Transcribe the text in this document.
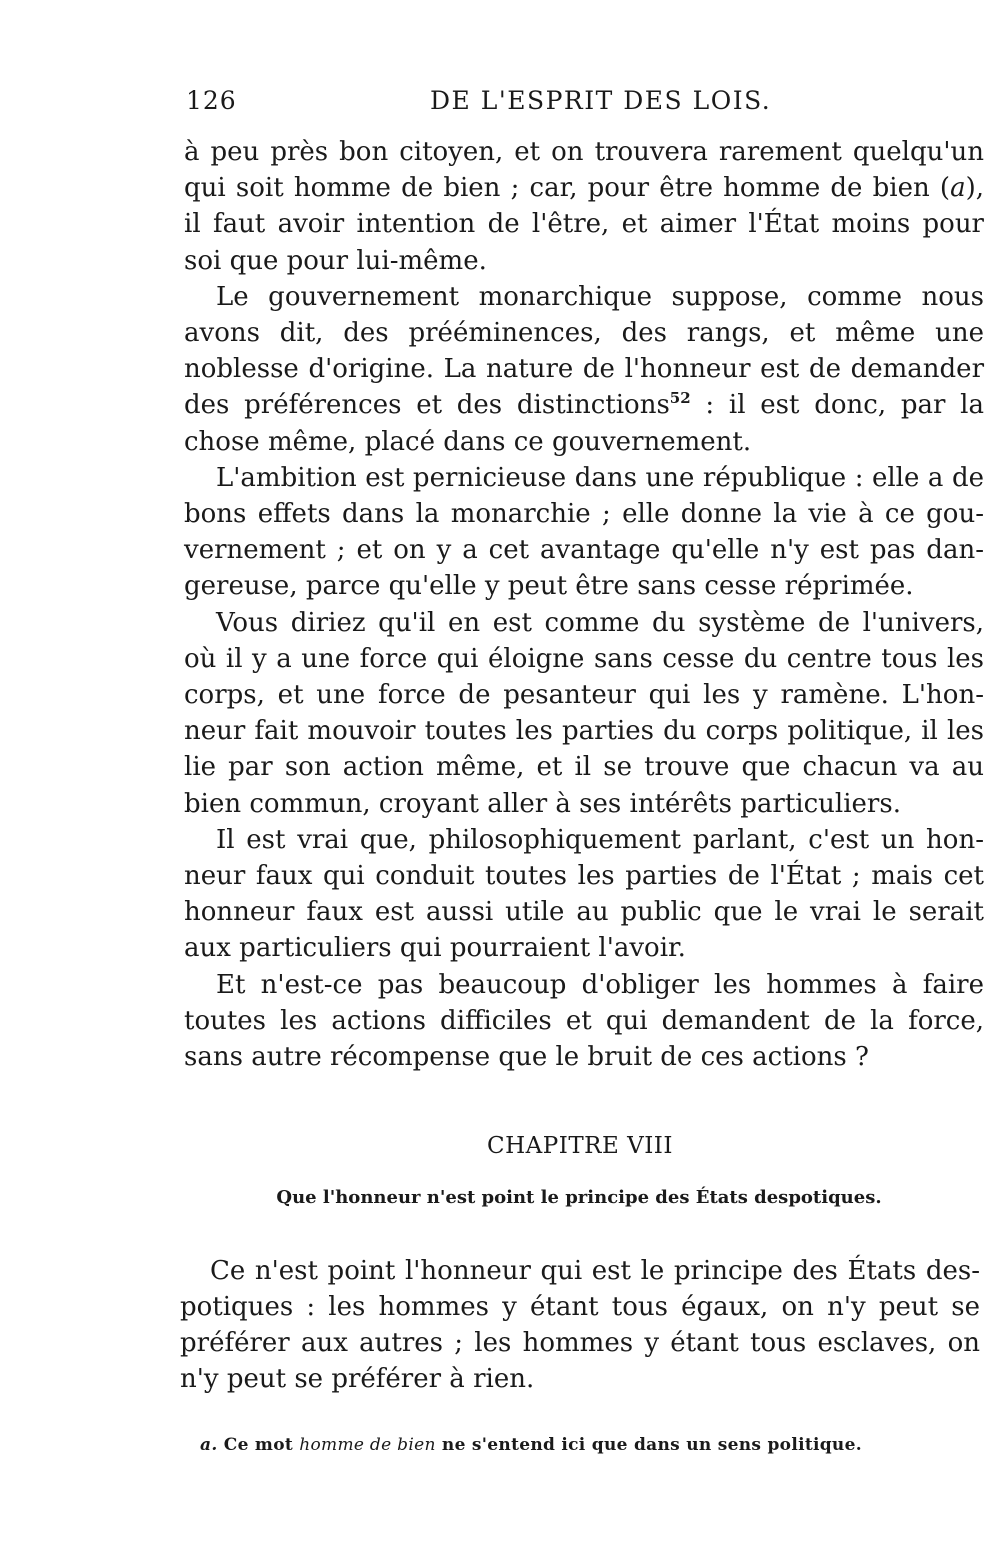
126	DE L'ESPRIT DES LOIS.

à peu près bon citoyen, et on trouvera rarement quelqu'un qui soit homme de bien ; car, pour être homme de bien (a), il faut avoir intention de l'être, et aimer l'État moins pour soi que pour lui-même.

Le gouvernement monarchique suppose, comme nous avons dit, des prééminences, des rangs, et même une noblesse d'origine. La nature de l'honneur est de demander des préférences et des distinctions$^{52}$ : il est donc, par la chose même, placé dans ce gouvernement.

L'ambition est pernicieuse dans une république : elle a de bons effets dans la monarchie ; elle donne la vie à ce gouvernement ; et on y a cet avantage qu'elle n'y est pas dangereuse, parce qu'elle y peut être sans cesse réprimée.

Vous diriez qu'il en est comme du système de l'univers, où il y a une force qui éloigne sans cesse du centre tous les corps, et une force de pesanteur qui les y ramène. L'honneur fait mouvoir toutes les parties du corps politique, il les lie par son action même, et il se trouve que chacun va au bien commun, croyant aller à ses intérêts particuliers.

Il est vrai que, philosophiquement parlant, c'est un honneur faux qui conduit toutes les parties de l'État ; mais cet honneur faux est aussi utile au public que le vrai le serait aux particuliers qui pourraient l'avoir.

Et n'est-ce pas beaucoup d'obliger les hommes à faire toutes les actions difficiles et qui demandent de la force, sans autre récompense que le bruit de ces actions ?

CHAPITRE VIII
Que l'honneur n'est point le principe des États despotiques.

Ce n'est point l'honneur qui est le principe des États despotiques : les hommes y étant tous égaux, on n'y peut se préférer aux autres ; les hommes y étant tous esclaves, on n'y peut se préférer à rien.

a. Ce mot homme de bien ne s'entend ici que dans un sens politique.
